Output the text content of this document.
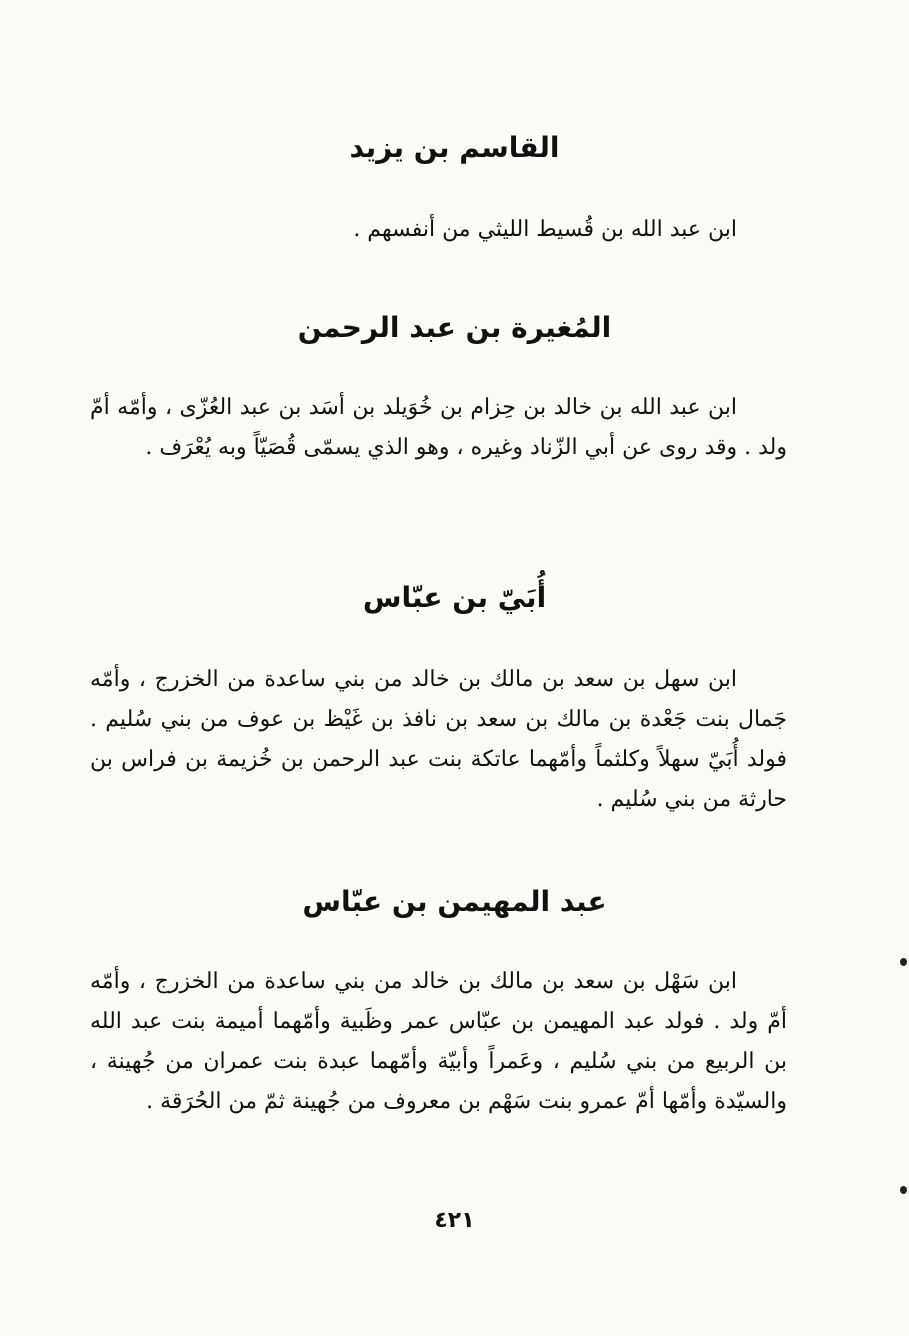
القاسم بن يزيد

ابن عبد الله بن قُسيط الليثي من أنفسهم .

المُغيرة بن عبد الرحمن

ابن عبد الله بن خالد بن حِزام بن خُوَيلد بن أسَد بن عبد العُزّى ، وأمّه أمّ ولد . وقد روى عن أبي الزّناد وغيره ، وهو الذي يسمّى قُصَيّاً وبه يُعْرَف .

أُبَيّ بن عبّاس

ابن سهل بن سعد بن مالك بن خالد من بني ساعدة من الخزرج ، وأمّه جَمال بنت جَعْدة بن مالك بن سعد بن نافذ بن غَيْظ بن عوف من بني سُليم . فولد أُبَيّ سهلاً وكلثماً وأمّهما عاتكة بنت عبد الرحمن بن خُزيمة بن فراس بن حارثة من بني سُليم .

عبد المهيمن بن عبّاس

ابن سَهْل بن سعد بن مالك بن خالد من بني ساعدة من الخزرج ، وأمّه أمّ ولد . فولد عبد المهيمن بن عبّاس عمر وظَبية وأمّهما أميمة بنت عبد الله بن الربيع من بني سُليم ، وعَمراً وأبيّة وأمّهما عبدة بنت عمران من جُهينة ، والسيّدة وأمّها أمّ عمرو بنت سَهْم بن معروف من جُهينة ثمّ من الحُرَقة .

٤٢١
